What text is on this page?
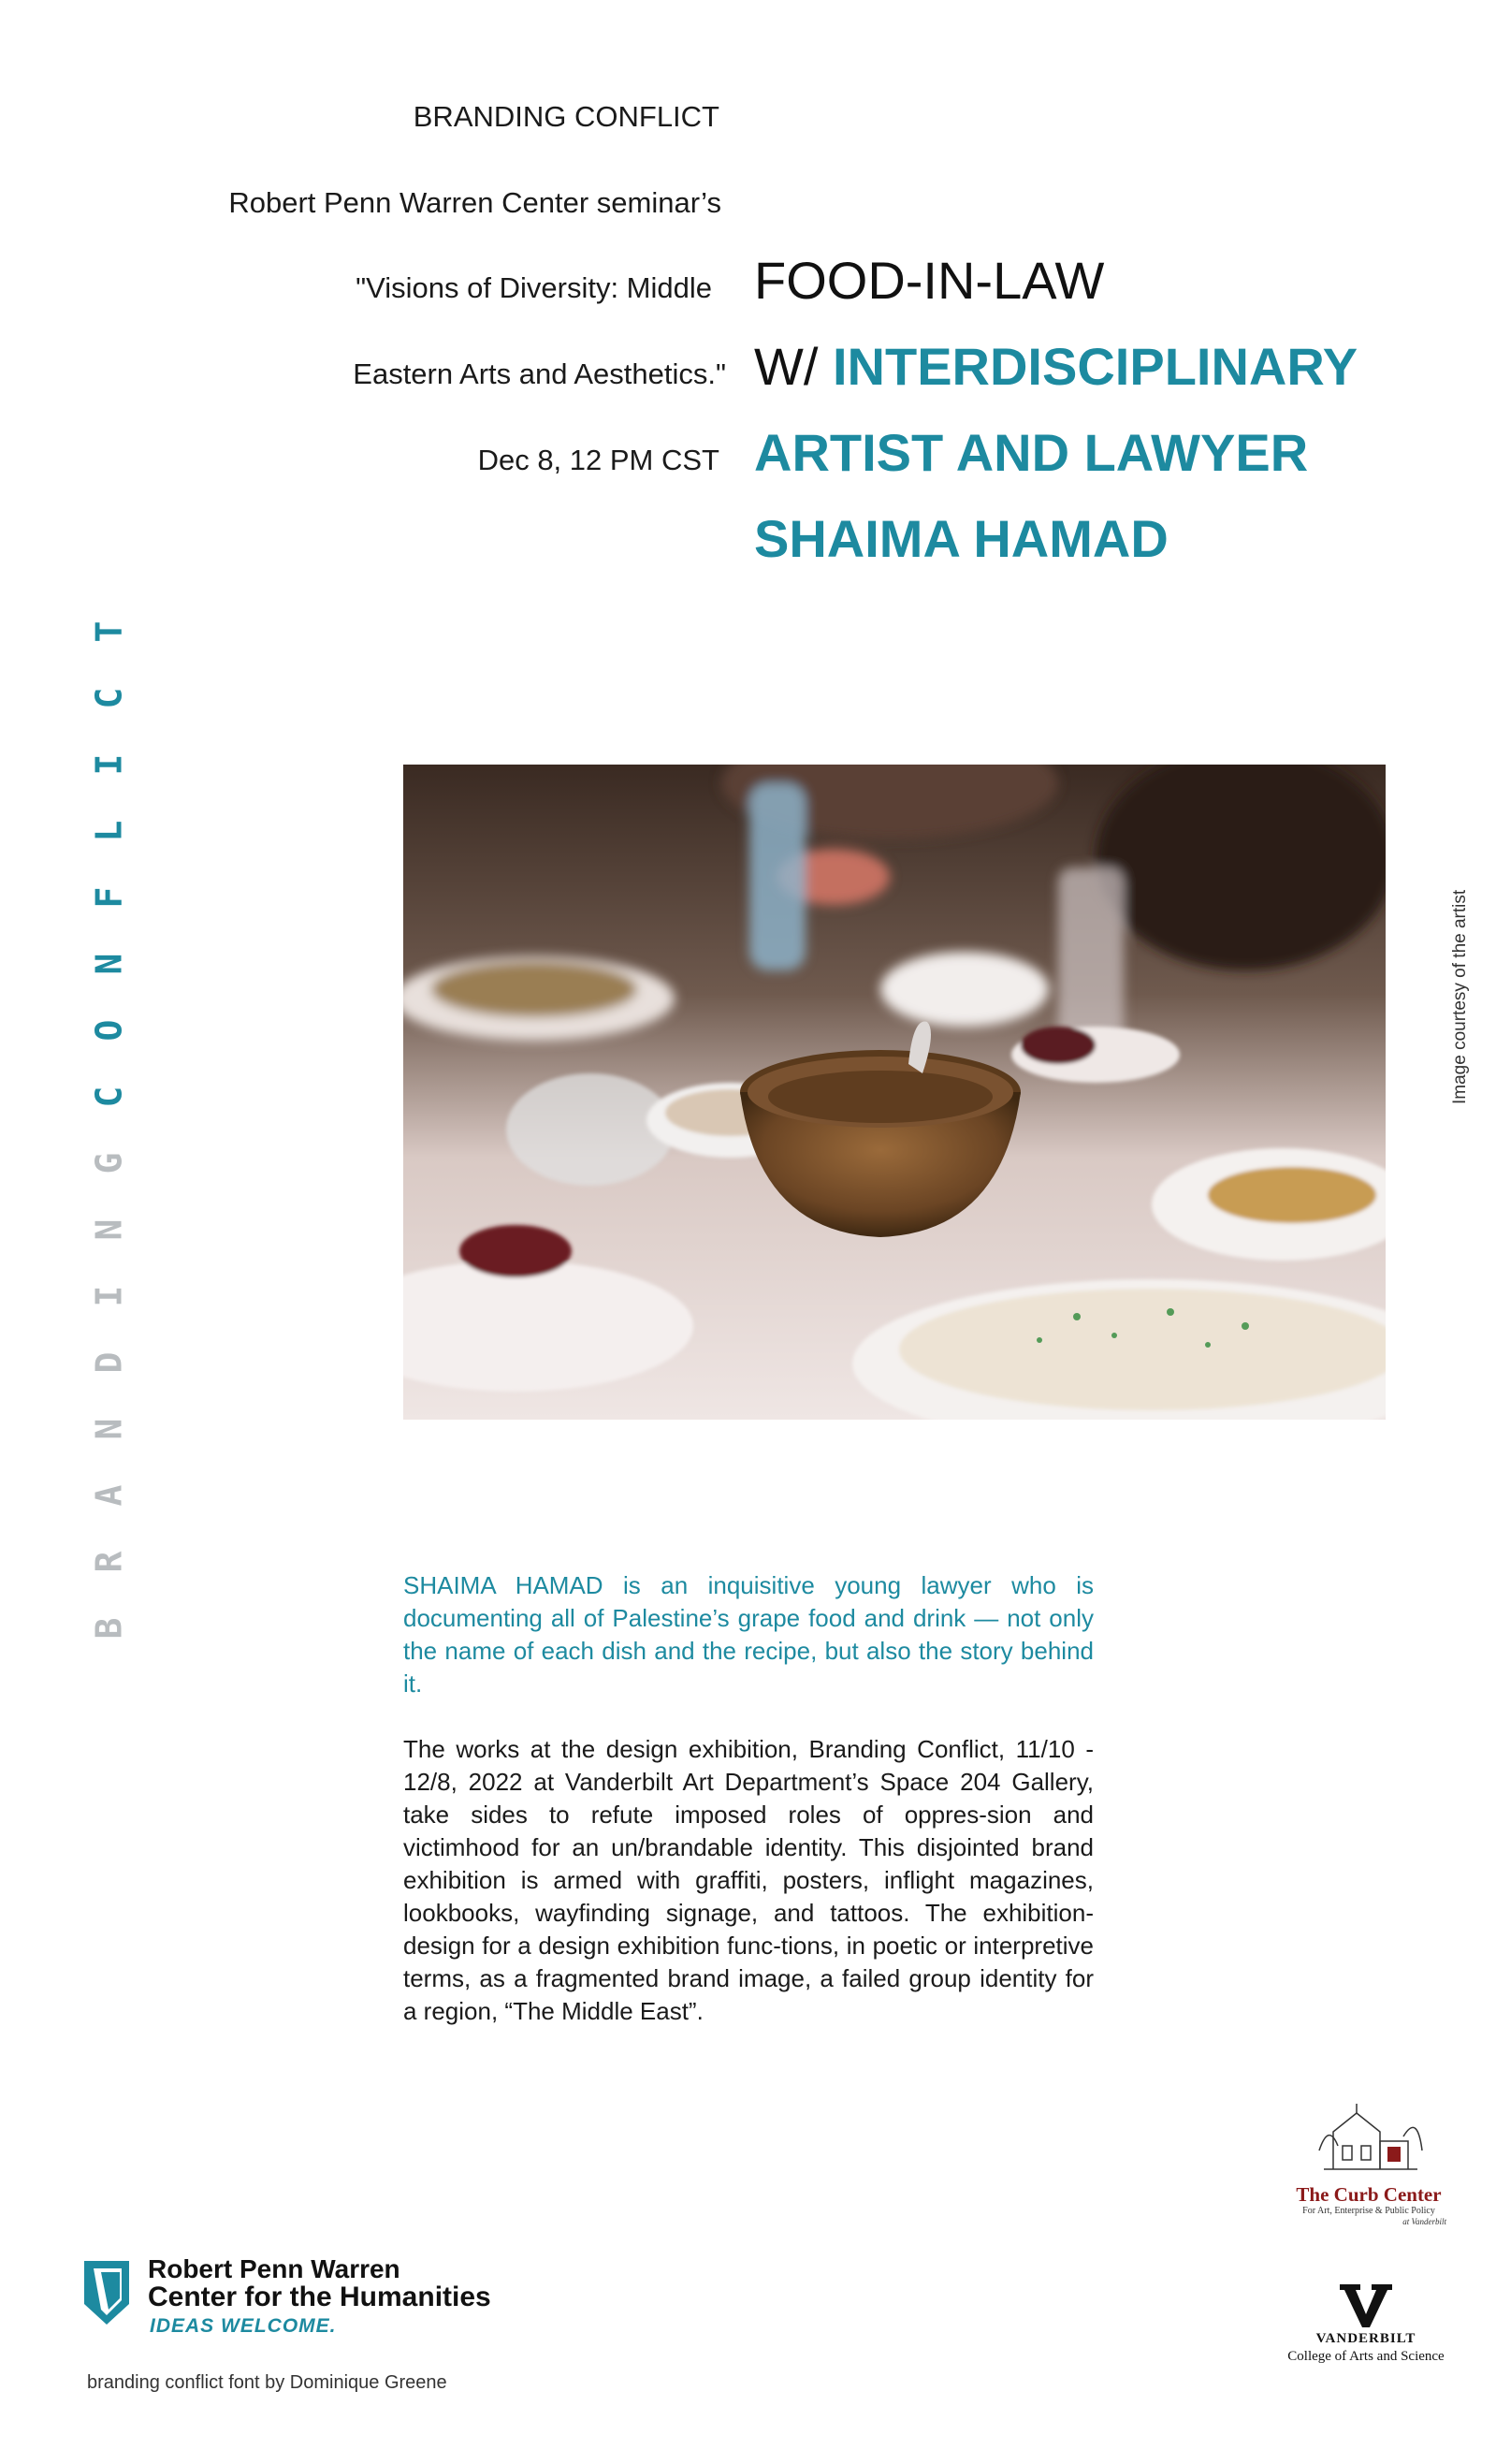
BRANDING CONFLICT
Robert Penn Warren Center seminar’s
"Visions of Diversity: Middle
Eastern Arts and Aesthetics."
Dec 8, 12 PM CST
FOOD-IN-LAW
W/ INTERDISCIPLINARY
ARTIST AND LAWYER
SHAIMA HAMAD
B
R
A
N
D
I
N
G
C
O
N
F
L
I
C
T
Image courtesy of the artist
SHAIMA HAMAD is an inquisitive young lawyer who is documenting all of Palestine’s grape food and drink — not only the name of each dish and the recipe, but also the story behind it.
The works at the design exhibition, Branding Conflict, 11/10 - 12/8, 2022 at Vanderbilt Art Department’s Space 204 Gallery, take sides to refute imposed roles of oppres-sion and victimhood for an un/brandable identity. This disjointed brand exhibition is armed with graffiti, posters, inflight magazines, lookbooks, wayfinding signage, and tattoos. The exhibition-design for a design exhibition func-tions, in poetic or interpretive terms, as a fragmented brand image, a failed group identity for a region, “The Middle East”.
Robert Penn Warren
Center for the Humanities
IDEAS WELCOME.
branding conflict font by Dominique Greene
The Curb Center
For Art, Enterprise & Public Policy
at Vanderbilt
VANDERBILT
College of Arts and Science
